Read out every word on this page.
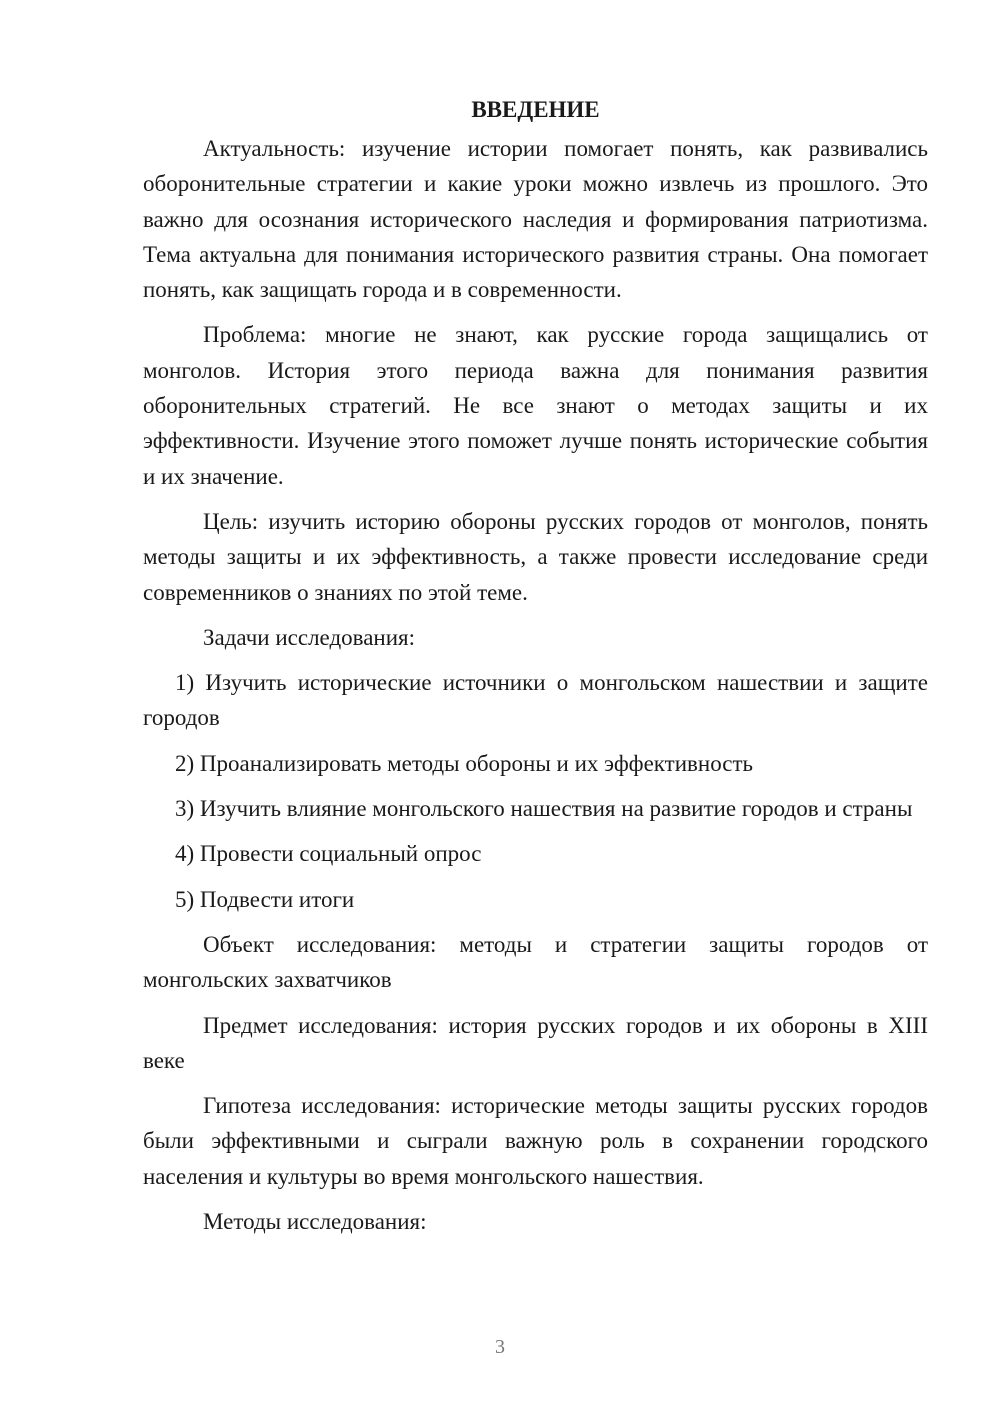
ВВЕДЕНИЕ

Актуальность: изучение истории помогает понять, как развивались оборонительные стратегии и какие уроки можно извлечь из прошлого. Это важно для осознания исторического наследия и формирования патриотизма. Тема актуальна для понимания исторического развития страны. Она помогает понять, как защищать города и в современности.

Проблема: многие не знают, как русские города защищались от монголов. История этого периода важна для понимания развития оборонительных стратегий. Не все знают о методах защиты и их эффективности. Изучение этого поможет лучше понять исторические события и их значение.

Цель: изучить историю обороны русских городов от монголов, понять методы защиты и их эффективность, а также провести исследование среди современников о знаниях по этой теме.

Задачи исследования:

1) Изучить исторические источники о монгольском нашествии и защите городов

2) Проанализировать методы обороны и их эффективность

3) Изучить влияние монгольского нашествия на развитие городов и страны

4) Провести социальный опрос

5) Подвести итоги

Объект исследования: методы и стратегии защиты городов от монгольских захватчиков

Предмет исследования: история русских городов и их обороны в XIII веке

Гипотеза исследования: исторические методы защиты русских городов были эффективными и сыграли важную роль в сохранении городского населения и культуры во время монгольского нашествия.

Методы исследования:

3
